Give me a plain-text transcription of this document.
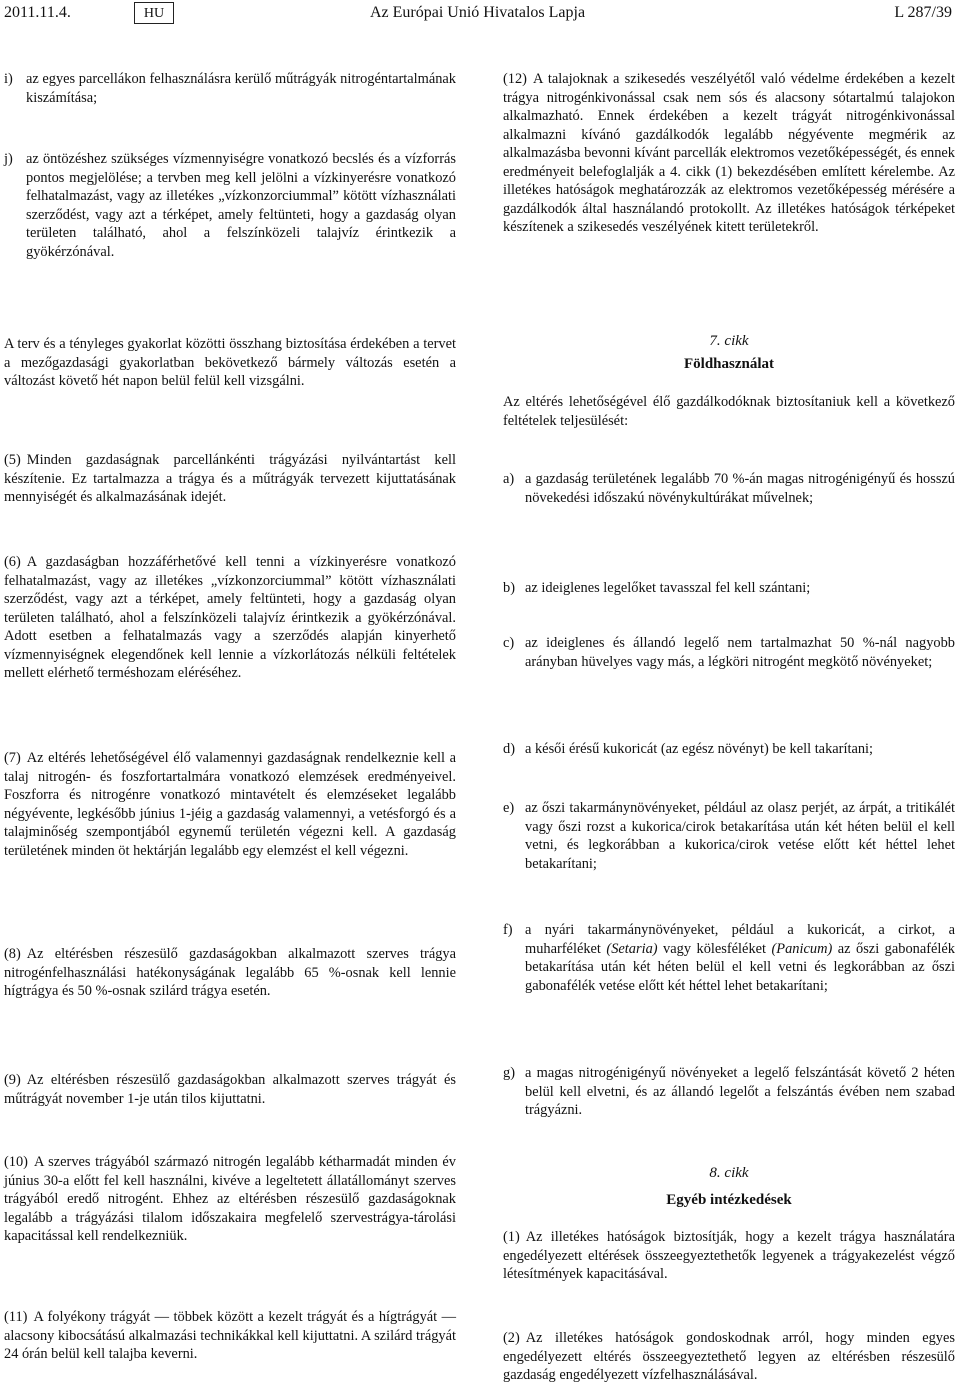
2011.11.4.	HU	Az Európai Unió Hivatalos Lapja	L 287/39

i) az egyes parcellákon felhasználásra kerülő műtrágyák nitrogéntartalmának kiszámítása;

j) az öntözéshez szükséges vízmennyiségre vonatkozó becslés és a vízforrás pontos megjelölése; a tervben meg kell jelölni a vízkinyerésre vonatkozó felhatalmazást, vagy az illetékes „vízkonzorciummal” kötött vízhasználati szerződést, vagy azt a térképet, amely feltünteti, hogy a gazdaság olyan területen található, ahol a felszínközeli talajvíz érintkezik a gyökérzónával.

A terv és a tényleges gyakorlat közötti összhang biztosítása érdekében a tervet a mezőgazdasági gyakorlatban bekövetkező bármely változás esetén a változást követő hét napon belül felül kell vizsgálni.

(5) Minden gazdaságnak parcellánkénti trágyázási nyilvántartást kell készítenie. Ez tartalmazza a trágya és a műtrágyák tervezett kijuttatásának mennyiségét és alkalmazásának idejét.

(6) A gazdaságban hozzáférhetővé kell tenni a vízkinyerésre vonatkozó felhatalmazást, vagy az illetékes „vízkonzorciummal” kötött vízhasználati szerződést, vagy azt a térképet, amely feltünteti, hogy a gazdaság olyan területen található, ahol a felszínközeli talajvíz érintkezik a gyökérzónával. Adott esetben a felhatalmazás vagy a szerződés alapján kinyerhető vízmennyiségnek elegendőnek kell lennie a vízkorlátozás nélküli feltételek mellett elérhető terméshozam eléréséhez.

(7) Az eltérés lehetőségével élő valamennyi gazdaságnak rendelkeznie kell a talaj nitrogén- és foszfortartalmára vonatkozó elemzések eredményeivel. Foszforra és nitrogénre vonatkozó mintavételt és elemzéseket legalább négyévente, legkésőbb június 1-jéig a gazdaság valamennyi, a vetésforgó és a talajminőség szempontjából egynemű területén végezni kell. A gazdaság területének minden öt hektárján legalább egy elemzést el kell végezni.

(8) Az eltérésben részesülő gazdaságokban alkalmazott szerves trágya nitrogénfelhasználási hatékonyságának legalább 65 %-osnak kell lennie hígtrágya és 50 %-osnak szilárd trágya esetén.

(9) Az eltérésben részesülő gazdaságokban alkalmazott szerves trágyát és műtrágyát november 1-je után tilos kijuttatni.

(10) A szerves trágyából származó nitrogén legalább kétharmadát minden év június 30-a előtt fel kell használni, kivéve a legeltetett állatállományt szerves trágyából eredő nitrogént. Ehhez az eltérésben részesülő gazdaságoknak legalább a trágyázási tilalom időszakaira megfelelő szervestrágya-tárolási kapacitással kell rendelkezniük.

(11) A folyékony trágyát — többek között a kezelt trágyát és a hígtrágyát — alacsony kibocsátású alkalmazási technikákkal kell kijuttatni. A szilárd trágyát 24 órán belül kell talajba keverni.

(12) A talajoknak a szikesedés veszélyétől való védelme érdekében a kezelt trágya nitrogénkivonással csak nem sós és alacsony sótartalmú talajokon alkalmazható. Ennek érdekében a kezelt trágyát nitrogénkivonással alkalmazni kívánó gazdálkodók legalább négyévente megmérik az alkalmazásba bevonni kívánt parcellák elektromos vezetőképességét, és ennek eredményeit belefoglalják a 4. cikk (1) bekezdésében említett kérelembe. Az illetékes hatóságok meghatározzák az elektromos vezetőképesség mérésére a gazdálkodók által használandó protokollt. Az illetékes hatóságok térképeket készítenek a szikesedés veszélyének kitett területekről.

7. cikk
Földhasználat

Az eltérés lehetőségével élő gazdálkodóknak biztosítaniuk kell a következő feltételek teljesülését:

a) a gazdaság területének legalább 70 %-án magas nitrogénigényű és hosszú növekedési időszakú növénykultúrákat művelnek;

b) az ideiglenes legelőket tavasszal fel kell szántani;

c) az ideiglenes és állandó legelő nem tartalmazhat 50 %-nál nagyobb arányban hüvelyes vagy más, a légköri nitrogént megkötő növényeket;

d) a késői érésű kukoricát (az egész növényt) be kell takarítani;

e) az őszi takarmánynövényeket, például az olasz perjét, az árpát, a tritikálét vagy őszi rozst a kukorica/cirok betakarítása után két héten belül el kell vetni, és legkorábban a kukorica/cirok vetése előtt két héttel lehet betakarítani;

f) a nyári takarmánynövényeket, például a kukoricát, a cirkot, a muharféléket (Setaria) vagy kölesféléket (Panicum) az őszi gabonafélék betakarítása után két héten belül el kell vetni és legkorábban az őszi gabonafélék vetése előtt két héttel lehet betakarítani;

g) a magas nitrogénigényű növényeket a legelő felszántását követő 2 héten belül kell elvetni, és az állandó legelőt a felszántás évében nem szabad trágyázni.

8. cikk
Egyéb intézkedések

(1) Az illetékes hatóságok biztosítják, hogy a kezelt trágya használatára engedélyezett eltérések összeegyeztethetők legyenek a trágyakezelést végző létesítmények kapacitásával.

(2) Az illetékes hatóságok gondoskodnak arról, hogy minden egyes engedélyezett eltérés összeegyeztethető legyen az eltérésben részesülő gazdaság engedélyezett vízfelhasználásával.
